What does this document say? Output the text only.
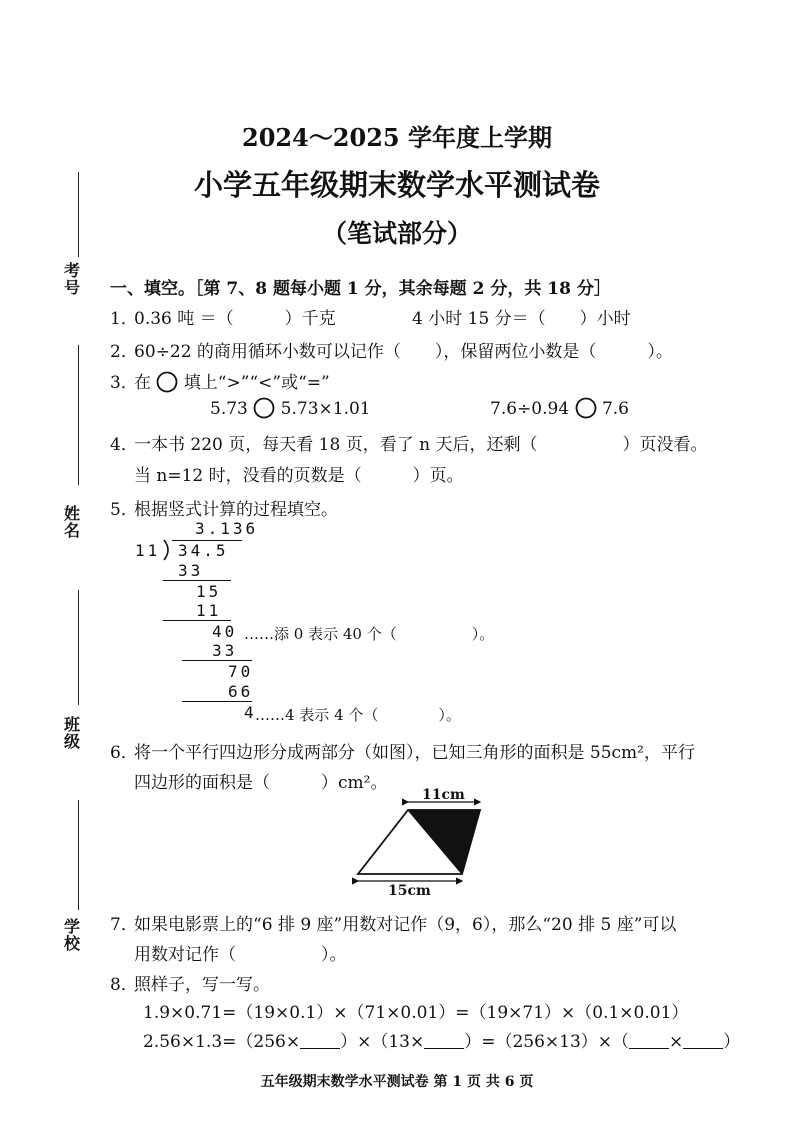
2024～2025 学年度上学期
小学五年级期末数学水平测试卷
（笔试部分）
考号
姓名
班级
学校
一、填空。［第 7、8 题每小题 1 分，其余每题 2 分，共 18 分］
1．0.36 吨 ＝（　　　）千克	4 小时 15 分＝（　　）小时
2．60÷22 的商用循环小数可以记作（　　），保留两位小数是（　　　）。
3．在 填上“>”“<”或“=”
5.73 5.73×1.01	7.6÷0.94 7.6
4．一本书 220 页，每天看 18 页，看了 n 天后，还剩（　　　　　）页没看。
当 n=12 时，没看的页数是（　　　）页。
5．根据竖式计算的过程填空。
3.136
11 34.5
33
15
11
40 ……添 0 表示 40 个（　　　　　）。
33
70
66
4
……4 表示 4 个（　　　　）。
6．将一个平行四边形分成两部分（如图），已知三角形的面积是 55cm²，平行
四边形的面积是（　　　）cm²。
11cm
15cm
7．如果电影票上的“6 排 9 座”用数对记作（9，6），那么“20 排 5 座”可以
用数对记作（　　　　　）。
8．照样子，写一写。
1.9×0.71=（19×0.1）×（71×0.01）=（19×71）×（0.1×0.01）
2.56×1.3=（256× ）×（13× ）=（256×13）×（ × ）
五年级期末数学水平测试卷 第 1 页 共 6 页
